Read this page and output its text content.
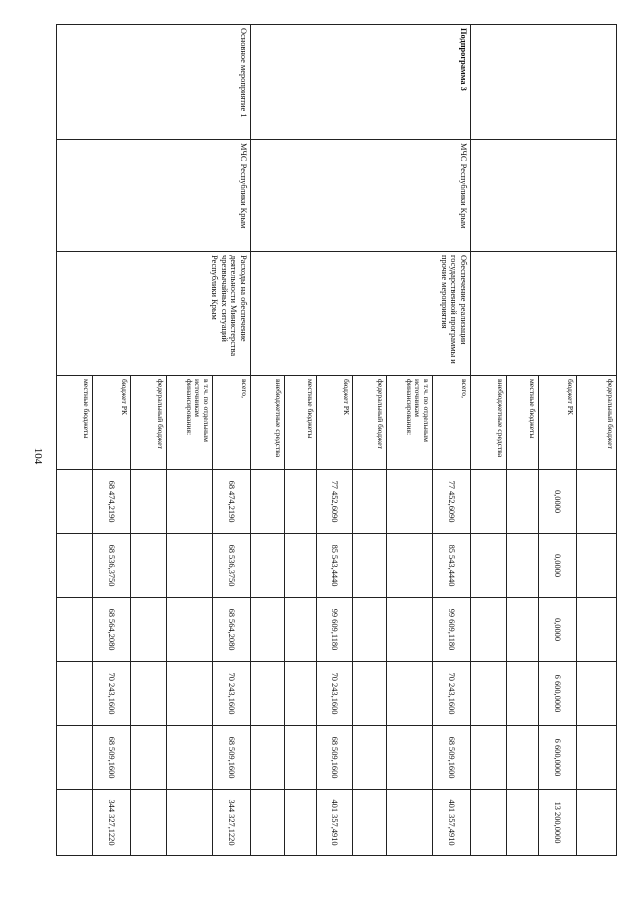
104
			федеральный бюджет						
			бюджет РК	0,0000	0,0000	0,0000	6 600,0000	6 600,0000	13 200,0000
			местные бюджеты						
			внебюджетные средства						
Подпрограмма 3	МЧС Республики Крым	Обеспечение реализации государственной программы и прочие мероприятия	всего,	77 452,6090	85 543,4440	99 609,1180	70 243,1600	68 509,1600	401 357,4910
			в т.ч. по отдельным источникам финансирования:						
			федеральный бюджет						
			бюджет РК	77 452,6090	85 543,4440	99 609,1180	70 243,1600	68 509,1600	401 357,4910
			местные бюджеты						
			внебюджетные средства						
Основное мероприятие 1	МЧС Республики Крым	Расходы на обеспечение деятельности Министерства чрезвычайных ситуаций Республики Крым	всего,	68 474,2190	68 536,3750	68 564,2080	70 243,1600	68 509,1600	344 327,1220
			в т.ч. по отдельным источникам финансирования:						
			федеральный бюджет						
			бюджет РК	68 474,2190	68 536,3750	68 564,2080	70 243,1600	68 509,1600	344 327,1220
			местные бюджеты						
